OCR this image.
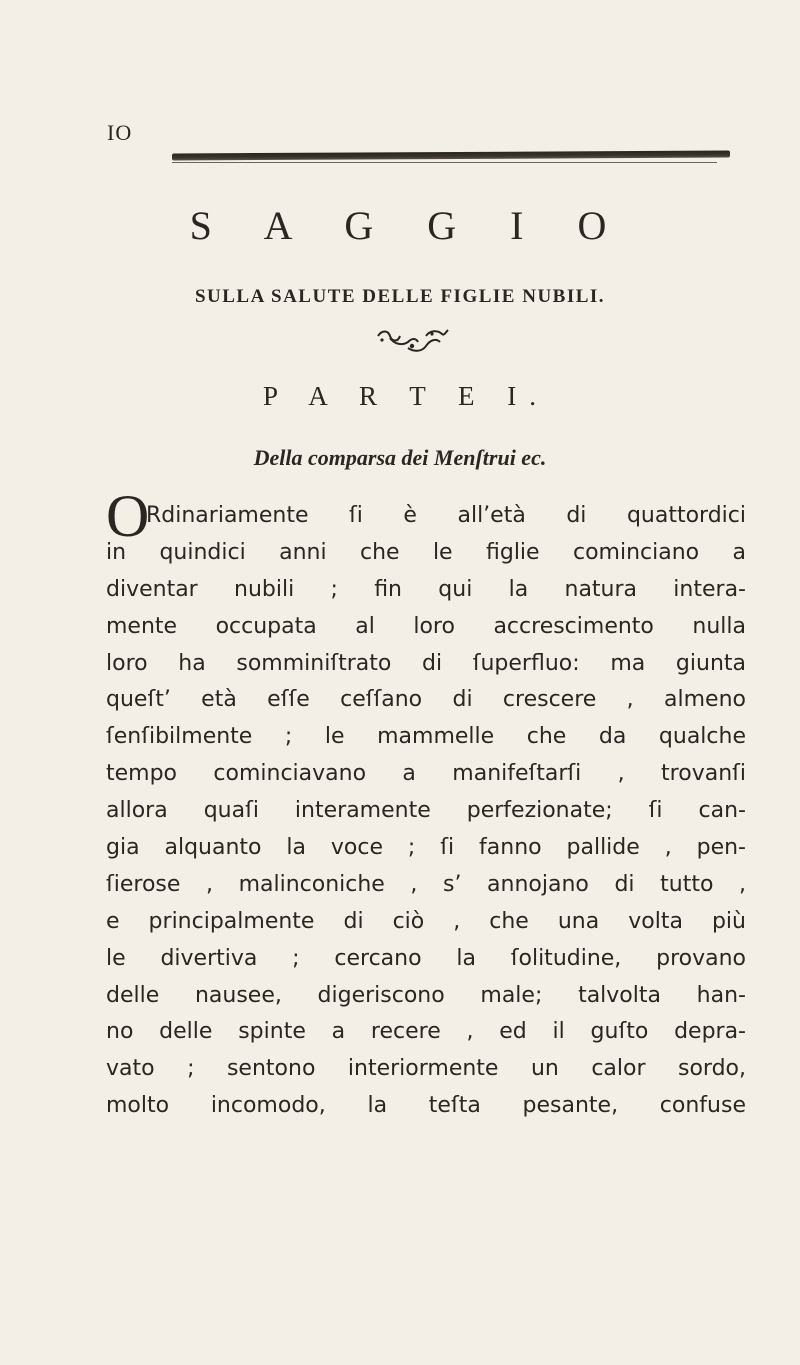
IO
S A G G I O
SULLA SALUTE DELLE FIGLIE NUBILI.
P A R T E I.
Della comparsa dei Menſtrui ec.
O
Rdinariamente ſi è all’età di quattordici
in quindici anni che le figlie cominciano a
diventar nubili ; fin qui la natura intera-
mente occupata al loro accrescimento nulla
loro ha somminiſtrato di ſuperfluo: ma giunta
queſt’ età eſſe ceſſano di crescere , almeno
ſenſibilmente ; le mammelle che da qualche
tempo cominciavano a manifeſtarſi , trovanſi
allora quaſi interamente perfezionate; ſi can-
gia alquanto la voce ; ſi fanno pallide , pen-
ſierose , malinconiche , s’ annojano di tutto ,
e principalmente di ciò , che una volta più
le divertiva ; cercano la ſolitudine, provano
delle nausee, digeriscono male; talvolta han-
no delle spinte a recere , ed il guſto depra-
vato ; sentono interiormente un calor sordo,
molto incomodo, la teſta pesante, confuse
